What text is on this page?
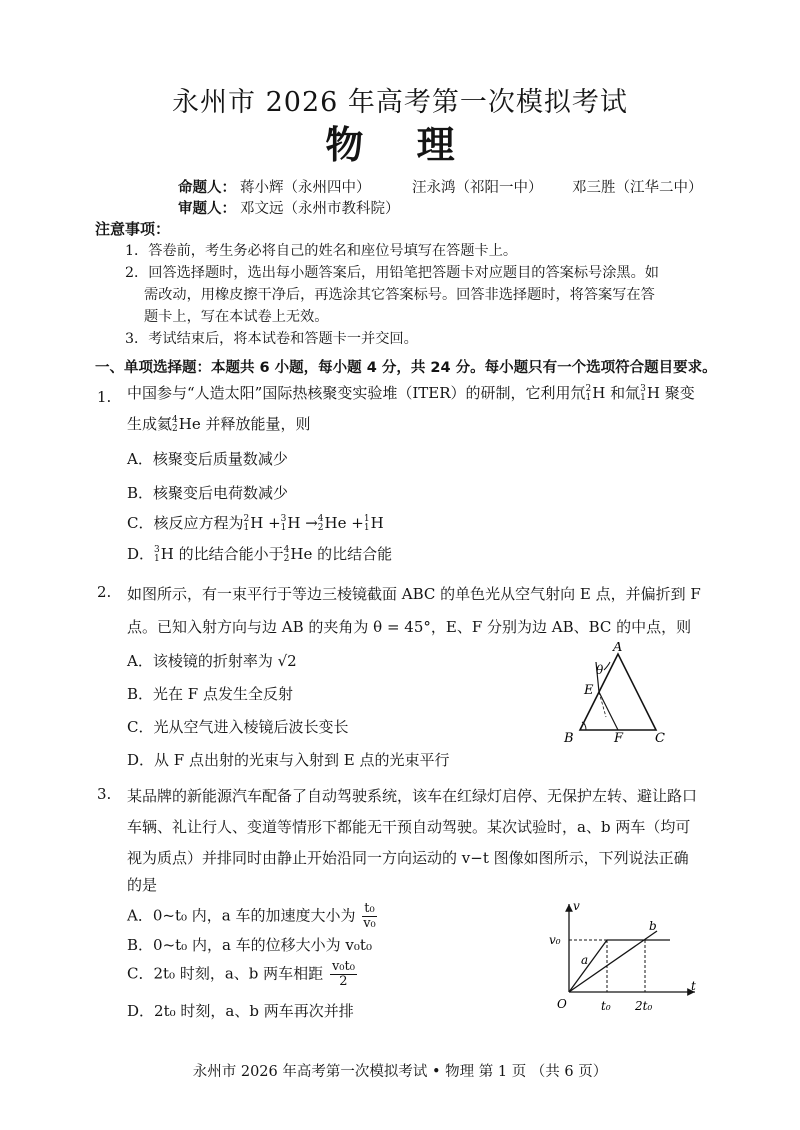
永州市 2026 年高考第一次模拟考试
物 理
命题人： 蒋小辉（永州四中）	汪永鸿（祁阳一中） 邓三胜（江华二中）
审题人： 邓文远（永州市教科院）
注意事项：
1．答卷前，考生务必将自己的姓名和座位号填写在答题卡上。
2．回答选择题时，选出每小题答案后，用铅笔把答题卡对应题目的答案标号涂黑。如
需改动，用橡皮擦干净后，再选涂其它答案标号。回答非选择题时，将答案写在答
题卡上，写在本试卷上无效。
3．考试结束后，将本试卷和答题卡一并交回。
一、单项选择题：本题共 6 小题，每小题 4 分，共 24 分。每小题只有一个选项符合题目要求。
1. 中国参与“人造太阳”国际热核聚变实验堆（ITER）的研制，它利用氘 2
1 H 和氚 3
1 H 聚变
生成氦 4
2 He 并释放能量，则
A．核聚变后质量数减少
B．核聚变后电荷数减少
C．核反应方程为 2
1 H + 3
1 H → 4
2 He + 1
1 H
D． 3
1 H 的比结合能小于 4
2 He 的比结合能
2. 如图所示，有一束平行于等边三棱镜截面 ABC 的单色光从空气射向 E 点，并偏折到 F
点。已知入射方向与边 AB 的夹角为 θ = 45°，E、F 分别为边 AB、BC 的中点，则
A．该棱镜的折射率为 √2
B．光在 F 点发生全反射
C．光从空气进入棱镜后波长变长
D．从 F 点出射的光束与入射到 E 点的光束平行
A
B	C
E
F
θ
3. 某品牌的新能源汽车配备了自动驾驶系统，该车在红绿灯启停、无保护左转、避让路口
车辆、礼让行人、变道等情形下都能无干预自动驾驶。某次试验时，a、b 两车（均可
视为质点）并排同时由静止开始沿同一方向运动的 v−t 图像如图所示，下列说法正确
的是
A．0~t₀ 内，a 车的加速度大小为 $\frac{\text{t₀}}{\text{v₀}}$
B．0~t₀ 内，a 车的位移大小为 v₀t₀
C．2t₀ 时刻，a、b 两车相距 $\frac{\text{v₀t₀}}{2}$
D．2t₀ 时刻，a、b 两车再次并排
v
t
v₀
O	t₀ 2t₀
a
b
永州市 2026 年高考第一次模拟考试 • 物理 第 1 页 （共 6 页）
